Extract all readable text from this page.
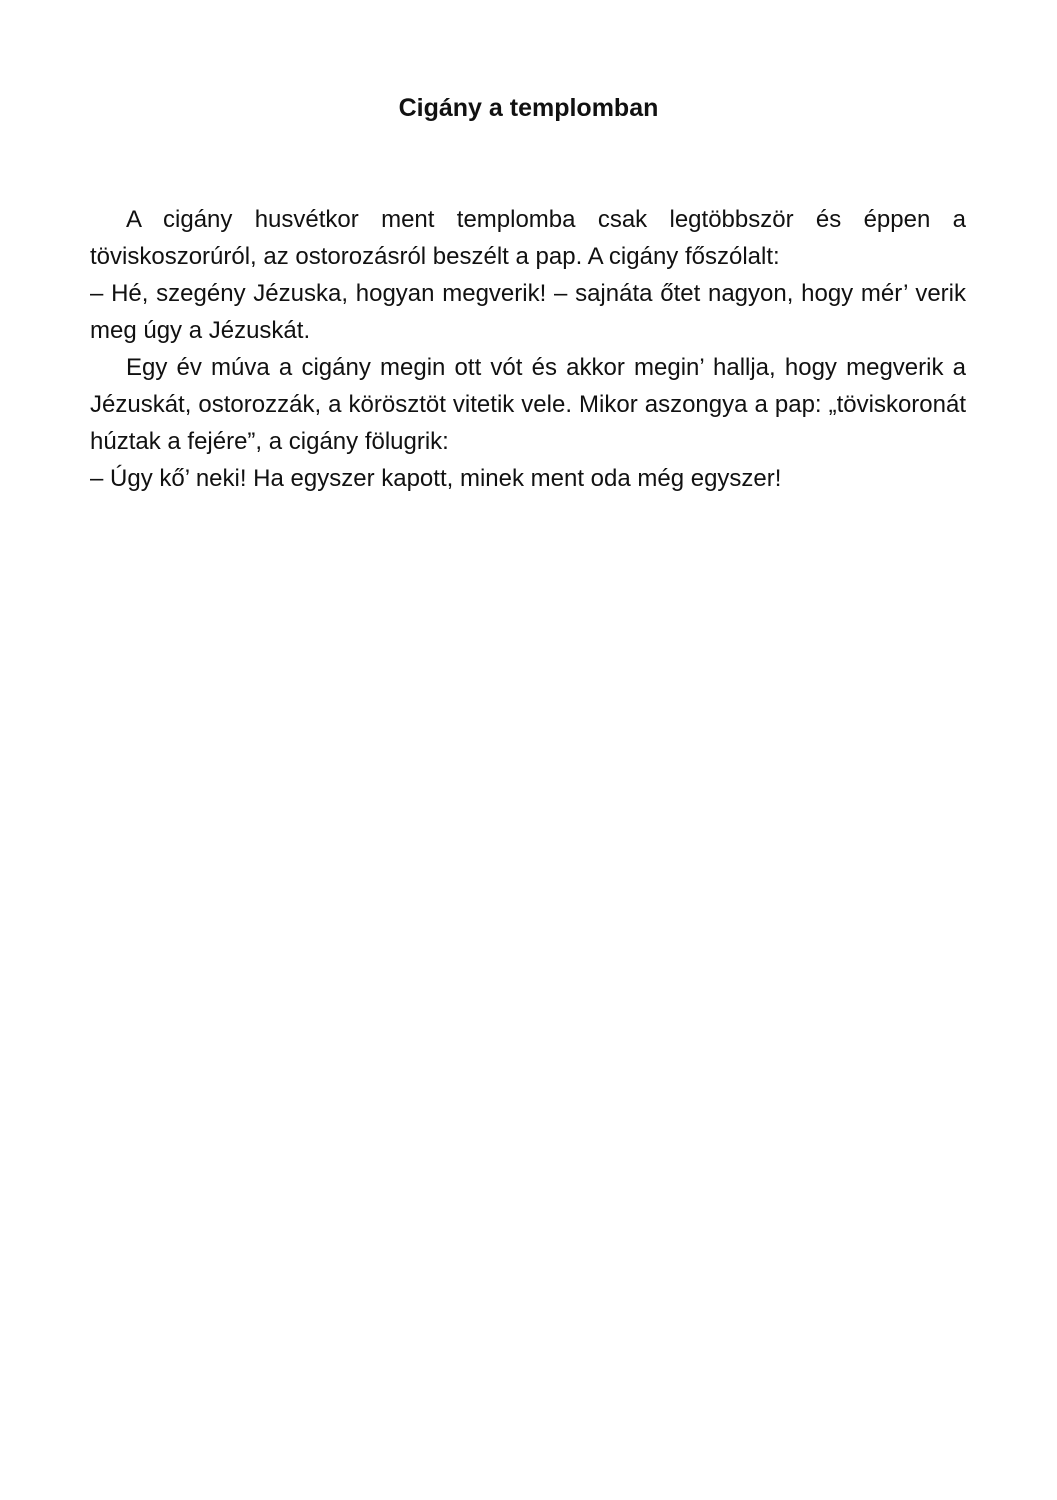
Cigány a templomban

A cigány husvétkor ment templomba csak legtöbbször és éppen a töviskoszorúról, az ostorozásról beszélt a pap. A cigány főszólalt:

– Hé, szegény Jézuska, hogyan megverik! – sajnáta őtet nagyon, hogy mér’ verik meg úgy a Jézuskát.

Egy év múva a cigány megin ott vót és akkor megin’ hallja, hogy megverik a Jézuskát, ostorozzák, a körösztöt vitetik vele. Mikor aszongya a pap: „töviskoronát húztak a fejére”, a cigány fölugrik:

– Úgy kő’ neki! Ha egyszer kapott, minek ment oda még egyszer!
